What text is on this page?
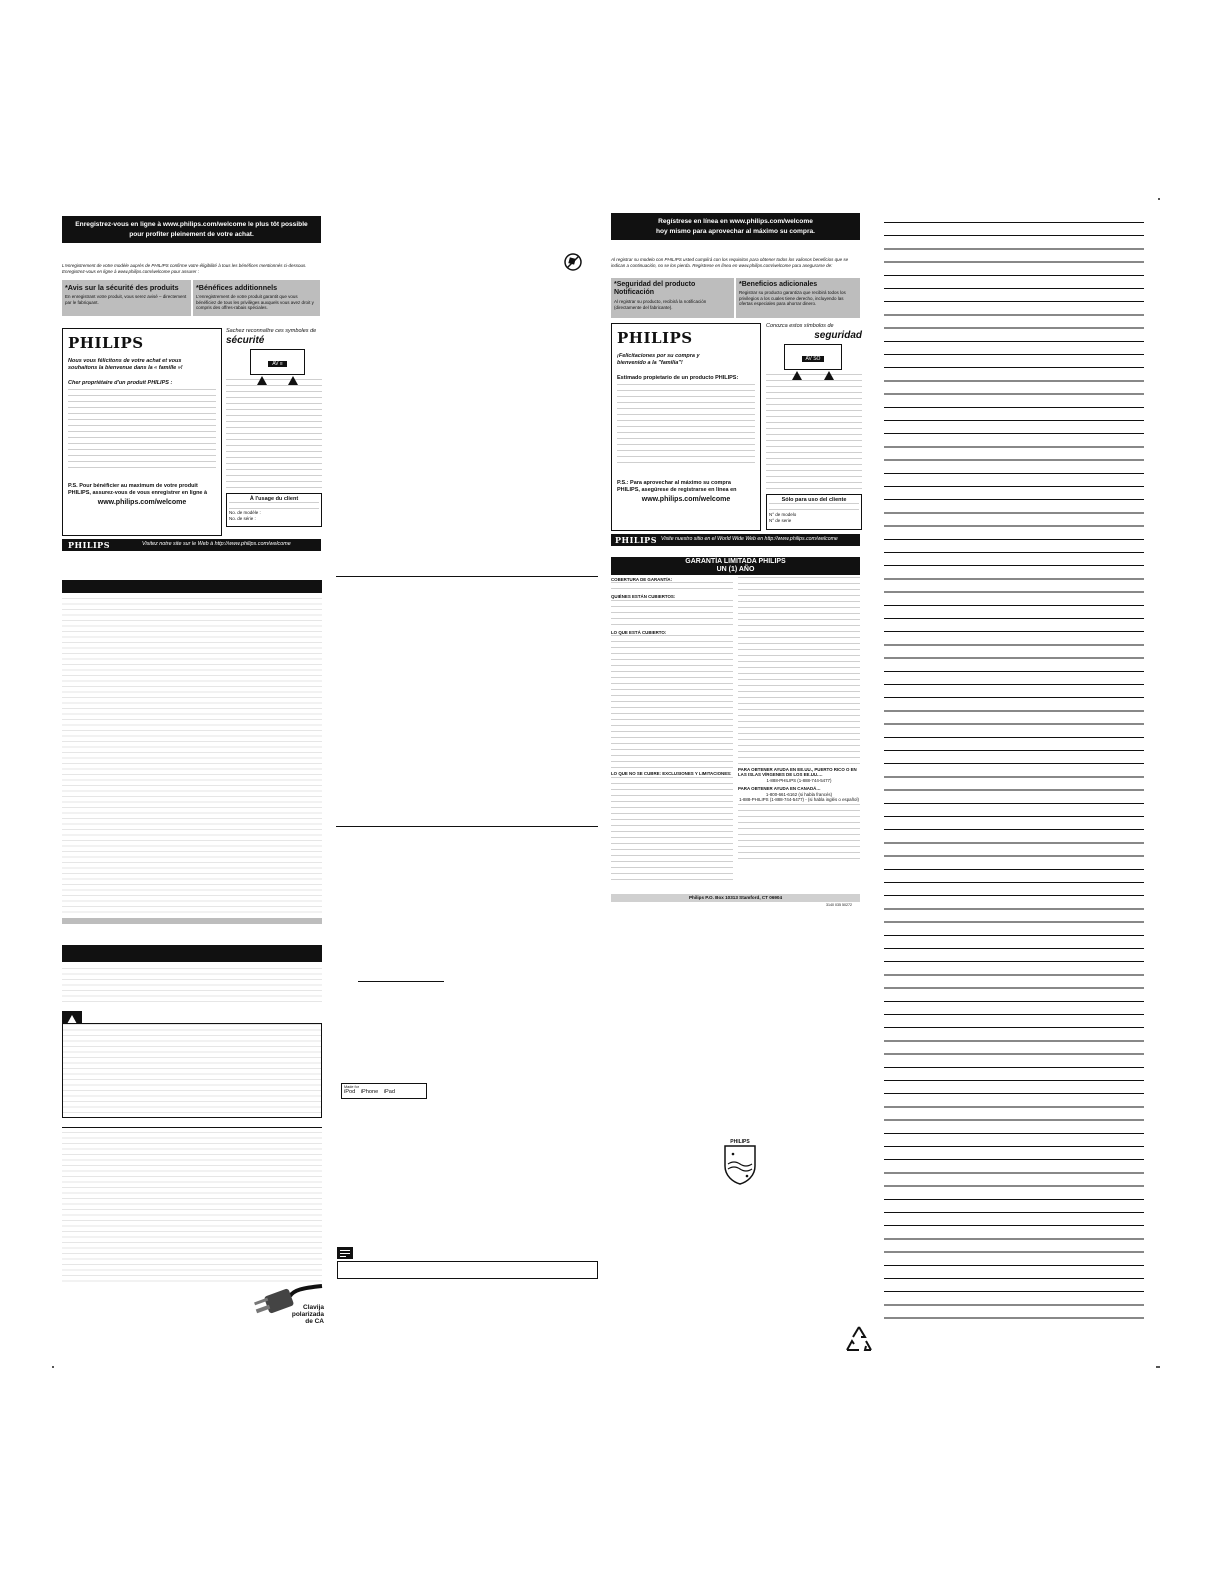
Enregistrez-vous en ligne à www.philips.com/welcome le plus tôt possible
pour profiter pleinement de votre achat.
L'enregistrement de votre modèle auprès de PHILIPS confirme votre éligibilité à tous les bénéfices mentionnés ci-dessous.
Enregistrez-vous en ligne à www.philips.com/welcome pour assurer :
*Avis sur la sécurité des produits
En enregistrant votre produit, vous serez avisé – directement par le fabriquant.
*Bénéfices additionnels
L'enregistrement de votre produit garantit que vous bénéficiez de tous les privilèges auxquels vous avez droit y compris des offres-rabais spéciales.
PHILIPS
Nous vous félicitons de votre achat et vous souhaitons la bienvenue dans la « famille »!
Cher propriétaire d'un produit PHILIPS :
P.S. Pour bénéficier au maximum de votre produit PHILIPS, assurez-vous de vous enregistrer en ligne à
www.philips.com/welcome
Sachez reconnaître ces symboles de
sécurité
AV ≡

À l'usage du client
No. de modèle :
No. de série :
PHILIPS	Visitez notre site sur le Web à http://www.philips.com/welcome
Clavija
polarizada
de CA
Made for
iPod iPhone iPad
Regístrese en línea en www.philips.com/welcome
hoy mismo para aprovechar al máximo su compra.
Al registrar su modelo con PHILIPS usted cumplirá con los requisitos para obtener todos los valiosos beneficios que se indican a continuación, no se los pierda. Registrese en línea en www.philips.com/welcome para asegurarse de:
*Seguridad del producto Notificación
Al registrar su producto, recibirá la notificación (directamente del fabricante).
*Beneficios adicionales
Registrar su producto garantiza que recibirá todos los privilegios a los cuales tiene derecho, incluyendo las ofertas especiales para ahorrar dinero.
PHILIPS
¡Felicitaciones por su compra y bienvenido a la "familia"!
Estimado propietario de un producto PHILIPS:
P.S.: Para aprovechar al máximo su compra PHILIPS, asegúrese de registrarse en línea en
www.philips.com/welcome
Conozca estos símbolos de
seguridad
AV SO

Sólo para uso del cliente
N° de modelo
N° de serie
PHILIPS Visite nuestro sitio en el World Wide Web en http://www.philips.com/welcome
GARANTÍA LIMITADA PHILIPS
UN (1) AÑO
COBERTURA DE GARANTÍA:
QUIÉNES ESTÁN CUBIERTOS:
LO QUE ESTÁ CUBIERTO:
LO QUE NO SE CUBRE: EXCLUSIONES Y LIMITACIONES:
PARA OBTENER AYUDA EN EE.UU., PUERTO RICO O EN LAS ISLAS VÍRGENES DE LOS EE.UU.…
1-888-PHILIPS (1-888-744-5477)
PARA OBTENER AYUDA EN CANADÁ…
1-800-661-6162 (si habla francés)
1-888-PHILIPS (1-888-744-5477) - (si habla inglés o español)
Philips P.O. Box 10313 Stamford, CT 06904
3140 035 50272
PHILIPS
